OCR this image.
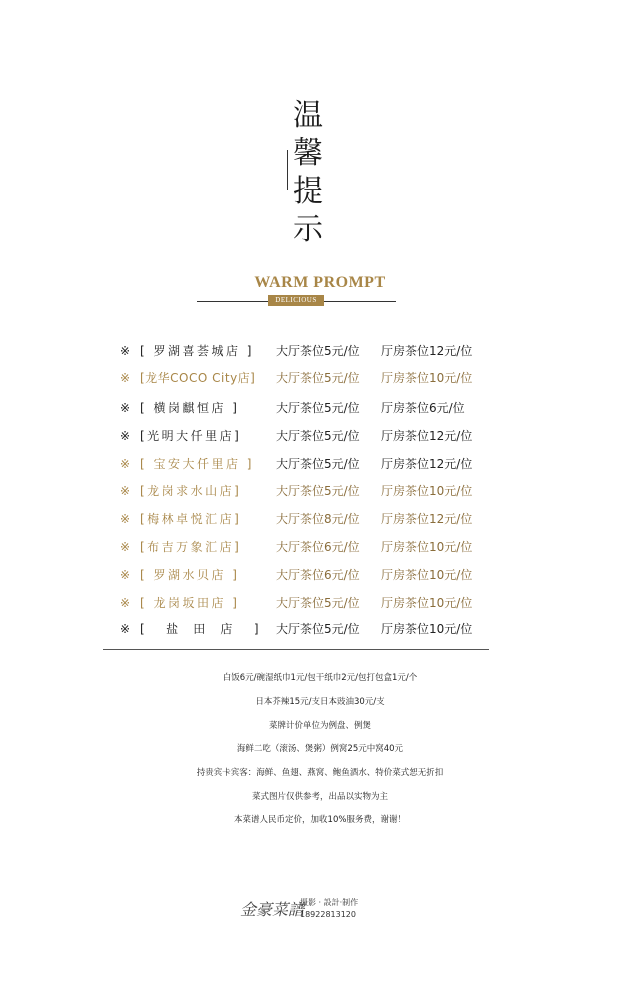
温
馨
提
示
WARM PROMPT
DELICIOUS
※ [ 罗湖喜荟城店 ] 大厅茶位5元/位 厅房茶位12元/位
※ [龙华COCO City店] 大厅茶位5元/位 厅房茶位10元/位
※ [ 横岗麒恒店 ]	大厅茶位5元/位 厅房茶位6元/位
※ [光明大仟里店]	大厅茶位5元/位 厅房茶位12元/位
※ [ 宝安大仟里店 ] 大厅茶位5元/位 厅房茶位12元/位
※ [龙岗求水山店]	大厅茶位5元/位 厅房茶位10元/位
※ [梅林卓悦汇店]	大厅茶位8元/位 厅房茶位12元/位
※ [布吉万象汇店]	大厅茶位6元/位 厅房茶位10元/位
※ [ 罗湖水贝店 ]	大厅茶位6元/位 厅房茶位10元/位
※ [ 龙岗坂田店 ]	大厅茶位5元/位 厅房茶位10元/位
※ [   盐  田  店   ] 大厅茶位5元/位 厅房茶位10元/位
白饭6元/碗湿纸巾1元/包干纸巾2元/包打包盒1元/个
日本芥辣15元/支日本豉油30元/支
菜牌计价单位为例盘、例煲
海鲜二吃（滚汤、煲粥）例窝25元中窝40元
持贵宾卡宾客：海鲜、鱼翅、燕窝、鲍鱼酒水、特价菜式恕无折扣
菜式图片仅供参考，出品以实物为主
本菜谱人民币定价，加收10%服务费，谢谢！
金豪菜譜
摄影 · 設計·制作
18922813120
